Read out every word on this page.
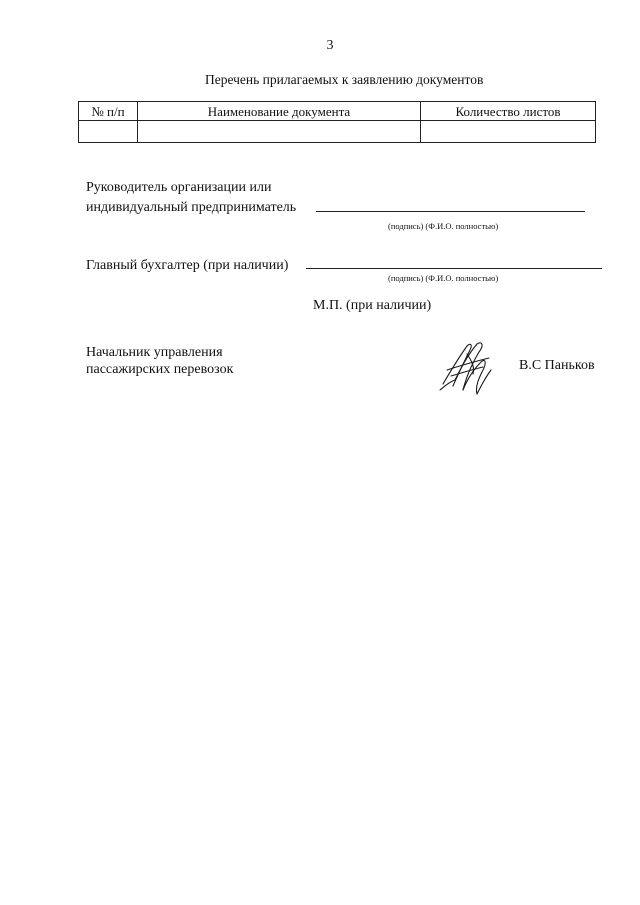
3
Перечень прилагаемых к заявлению документов
№ п/п	Наименование документа	Количество листов

Руководитель организации или
индивидуальный предприниматель
(подпись) (Ф.И.О. полностью)
Главный бухгалтер (при наличии)
(подпись) (Ф.И.О. полностью)
М.П. (при наличии)
Начальник управления
пассажирских перевозок	В.С Паньков
